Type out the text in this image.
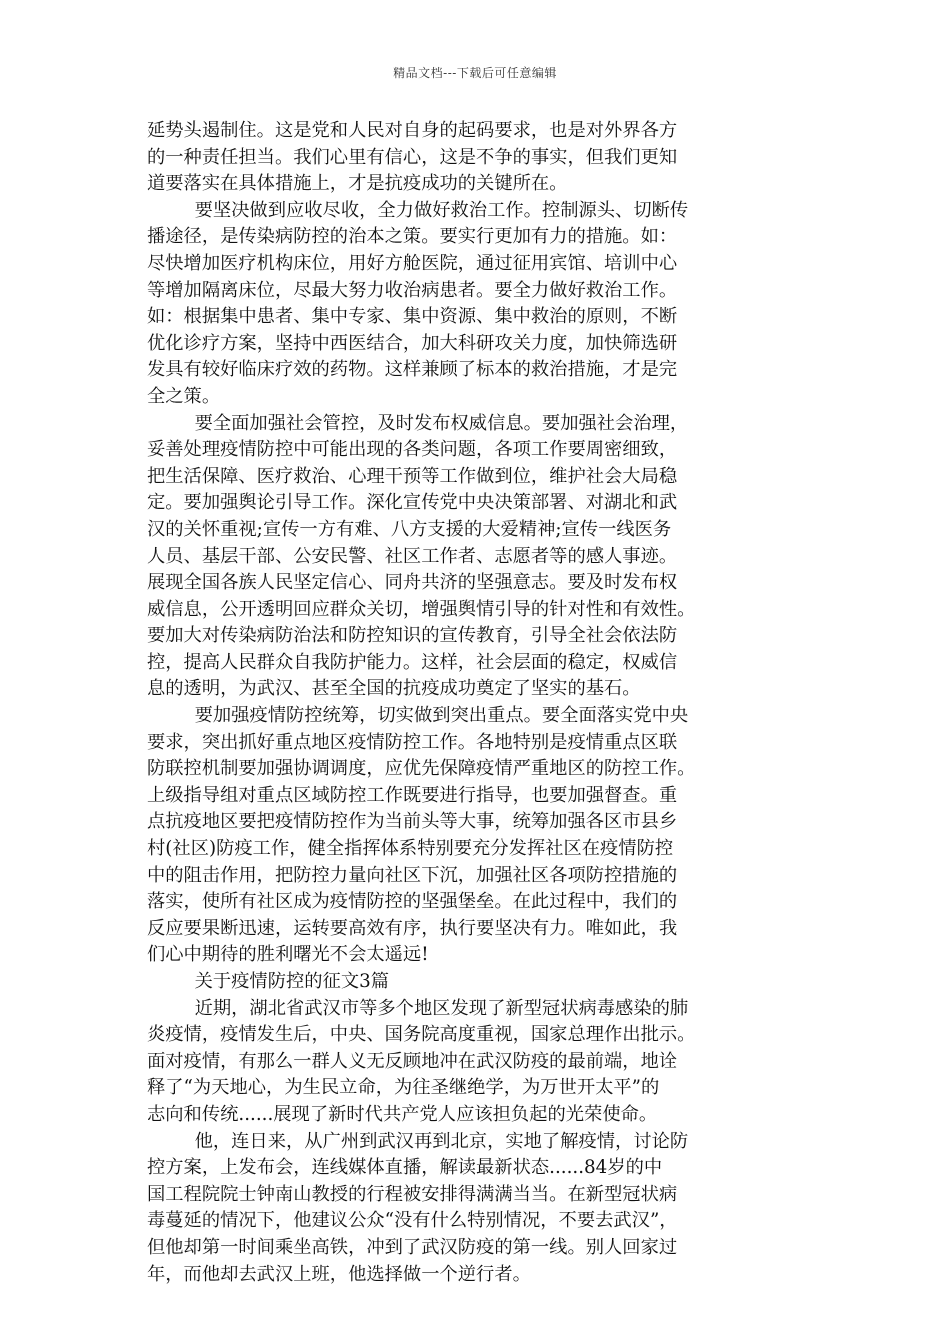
精品文档---下载后可任意编辑
延势头遏制住。这是党和人民对自身的起码要求，也是对外界各方
的一种责任担当。我们心里有信心，这是不争的事实，但我们更知
道要落实在具体措施上，才是抗疫成功的关键所在。
要坚决做到应收尽收，全力做好救治工作。控制源头、切断传
播途径，是传染病防控的治本之策。要实行更加有力的措施。如：
尽快增加医疗机构床位，用好方舱医院，通过征用宾馆、培训中心
等增加隔离床位，尽最大努力收治病患者。要全力做好救治工作。
如：根据集中患者、集中专家、集中资源、集中救治的原则，不断
优化诊疗方案，坚持中西医结合，加大科研攻关力度，加快筛选研
发具有较好临床疗效的药物。这样兼顾了标本的救治措施，才是完
全之策。
要全面加强社会管控，及时发布权威信息。要加强社会治理，
妥善处理疫情防控中可能出现的各类问题，各项工作要周密细致，
把生活保障、医疗救治、心理干预等工作做到位，维护社会大局稳
定。要加强舆论引导工作。深化宣传党中央决策部署、对湖北和武
汉的关怀重视;宣传一方有难、八方支援的大爱精神;宣传一线医务
人员、基层干部、公安民警、社区工作者、志愿者等的感人事迹。
展现全国各族人民坚定信心、同舟共济的坚强意志。要及时发布权
威信息，公开透明回应群众关切，增强舆情引导的针对性和有效性。
要加大对传染病防治法和防控知识的宣传教育，引导全社会依法防
控，提高人民群众自我防护能力。这样，社会层面的稳定，权威信
息的透明，为武汉、甚至全国的抗疫成功奠定了坚实的基石。
要加强疫情防控统筹，切实做到突出重点。要全面落实党中央
要求，突出抓好重点地区疫情防控工作。各地特别是疫情重点区联
防联控机制要加强协调调度，应优先保障疫情严重地区的防控工作。
上级指导组对重点区域防控工作既要进行指导，也要加强督查。重
点抗疫地区要把疫情防控作为当前头等大事，统筹加强各区市县乡
村(社区)防疫工作，健全指挥体系特别要充分发挥社区在疫情防控
中的阻击作用，把防控力量向社区下沉，加强社区各项防控措施的
落实，使所有社区成为疫情防控的坚强堡垒。在此过程中，我们的
反应要果断迅速，运转要高效有序，执行要坚决有力。唯如此，我
们心中期待的胜利曙光不会太遥远!
关于疫情防控的征文3篇
近期，湖北省武汉市等多个地区发现了新型冠状病毒感染的肺
炎疫情，疫情发生后，中央、国务院高度重视，国家总理作出批示。
面对疫情，有那么一群人义无反顾地冲在武汉防疫的最前端，地诠
释了“为天地心，为生民立命，为往圣继绝学，为万世开太平”的
志向和传统......展现了新时代共产党人应该担负起的光荣使命。
他，连日来，从广州到武汉再到北京，实地了解疫情，讨论防
控方案，上发布会，连线媒体直播，解读最新状态......84岁的中
国工程院院士钟南山教授的行程被安排得满满当当。在新型冠状病
毒蔓延的情况下，他建议公众“没有什么特别情况，不要去武汉”，
但他却第一时间乘坐高铁，冲到了武汉防疫的第一线。别人回家过
年，而他却去武汉上班，他选择做一个逆行者。
